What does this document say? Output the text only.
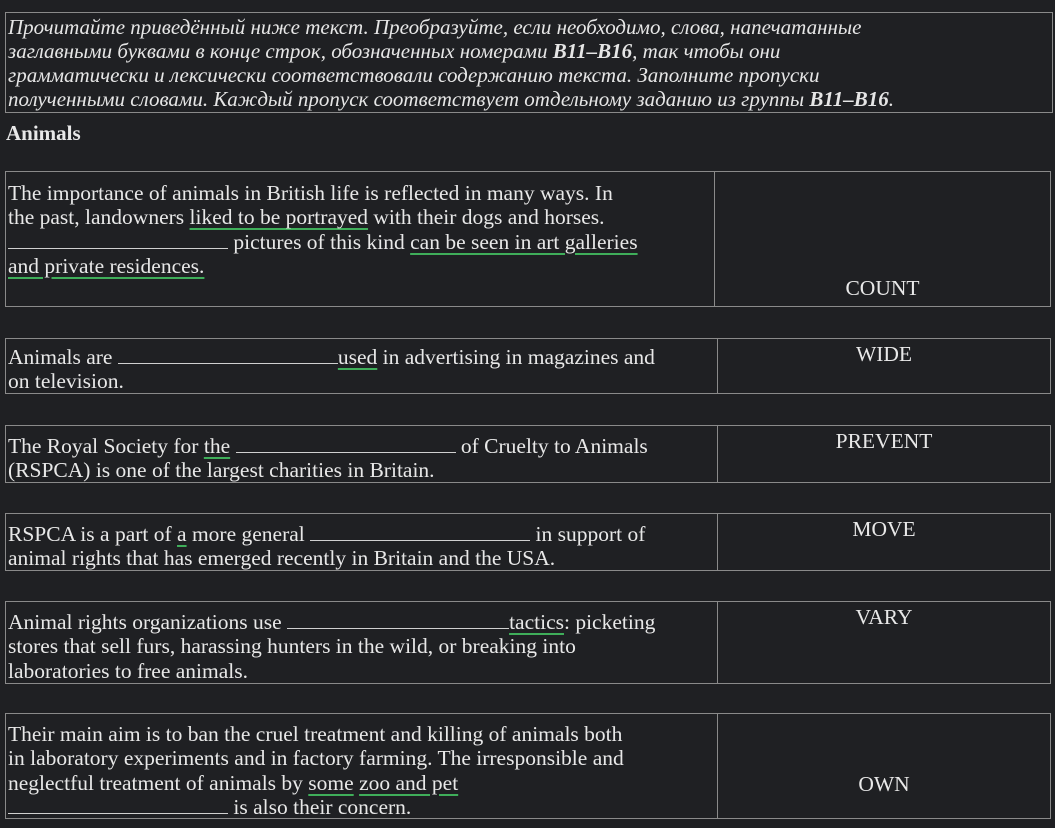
Прочитайте приведённый ниже текст. Преобразуйте, если необходимо, слова, напечатанные
заглавными буквами в конце строк, обозначенных номерами B11–B16, так чтобы они
грамматически и лексически соответствовали содержанию текста. Заполните пропуски
полученными словами. Каждый пропуск соответствует отдельному заданию из группы B11–B16.
Animals
The importance of animals in British life is reflected in many ways. In
the past, landowners liked to be portrayed with their dogs and horses.
pictures of this kind can be seen in art galleries
and private residences.
COUNT
Animals are	used in advertising in magazines and
on television.
WIDE
The Royal Society for the	of Cruelty to Animals
(RSPCA) is one of the largest charities in Britain.
PREVENT
RSPCA is a part of a more general	in support of
animal rights that has emerged recently in Britain and the USA.
MOVE
Animal rights organizations use	tactics: picketing
stores that sell furs, harassing hunters in the wild, or breaking into
laboratories to free animals.
VARY
Their main aim is to ban the cruel treatment and killing of animals both
in laboratory experiments and in factory farming. The irresponsible and
neglectful treatment of animals by some zoo and pet
is also their concern.
OWN
